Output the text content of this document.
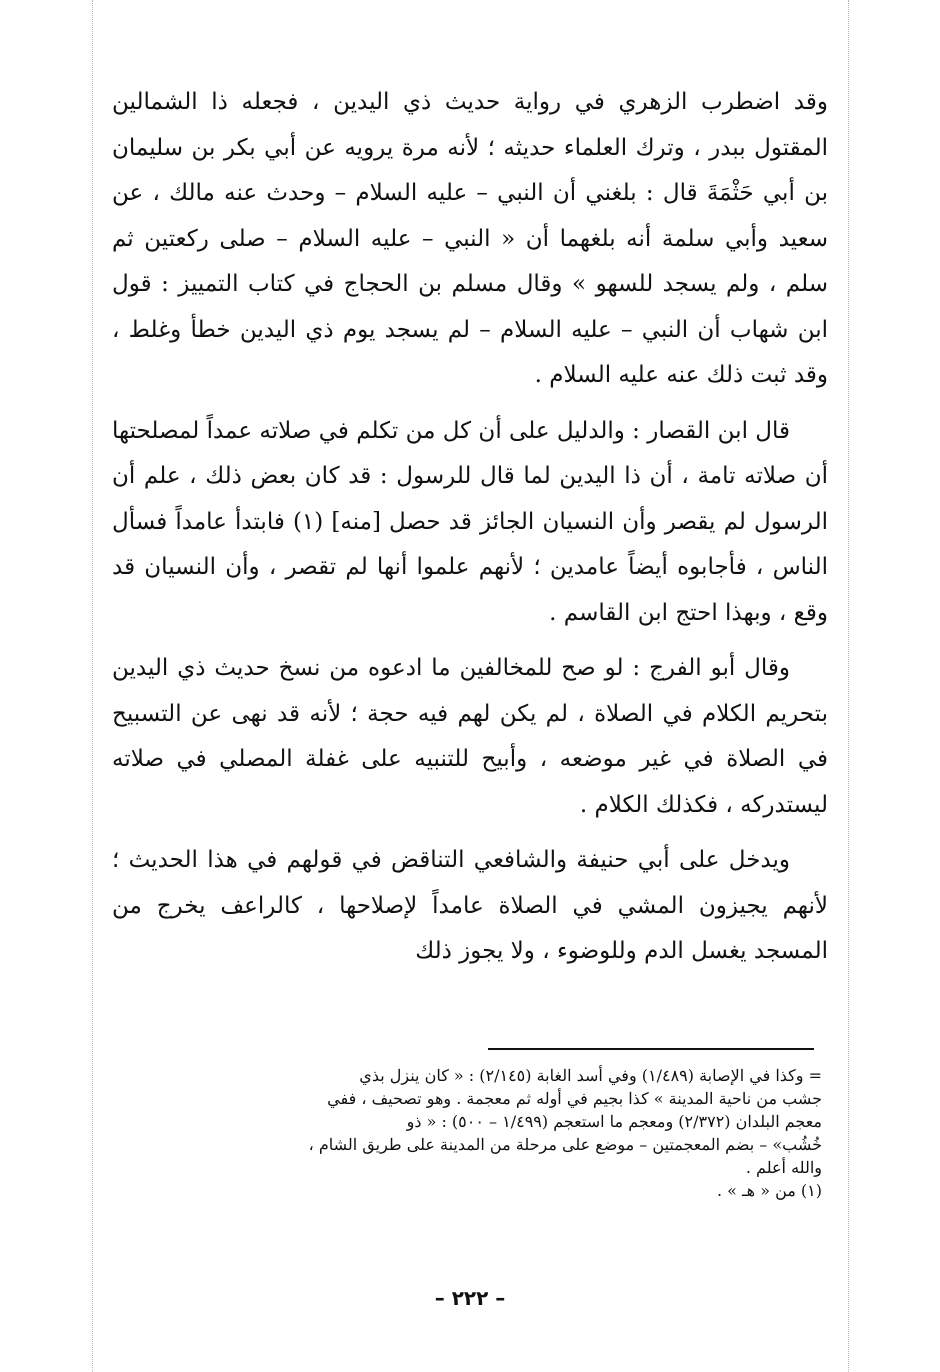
وقد اضطرب الزهري في رواية حديث ذي اليدين ، فجعله ذا الشمالين المقتول ببدر ، وترك العلماء حديثه ؛ لأنه مرة يرويه عن أبي بكر بن سليمان بن أبي حَثْمَةَ قال : بلغني أن النبي – عليه السلام – وحدث عنه مالك ، عن سعيد وأبي سلمة أنه بلغهما أن « النبي – عليه السلام – صلى ركعتين ثم سلم ، ولم يسجد للسهو » وقال مسلم بن الحجاج في كتاب التمييز : قول ابن شهاب أن النبي – عليه السلام – لم يسجد يوم ذي اليدين خطأ وغلط ، وقد ثبت ذلك عنه عليه السلام .

قال ابن القصار : والدليل على أن كل من تكلم في صلاته عمداً لمصلحتها أن صلاته تامة ، أن ذا اليدين لما قال للرسول : قد كان بعض ذلك ، علم أن الرسول لم يقصر وأن النسيان الجائز قد حصل [منه] (١) فابتدأ عامداً فسأل الناس ، فأجابوه أيضاً عامدين ؛ لأنهم علموا أنها لم تقصر ، وأن النسيان قد وقع ، وبهذا احتج ابن القاسم .

وقال أبو الفرج : لو صح للمخالفين ما ادعوه من نسخ حديث ذي اليدين بتحريم الكلام في الصلاة ، لم يكن لهم فيه حجة ؛ لأنه قد نهى عن التسبيح في الصلاة في غير موضعه ، وأبيح للتنبيه على غفلة المصلي في صلاته ليستدركه ، فكذلك الكلام .

ويدخل على أبي حنيفة والشافعي التناقض في قولهم في هذا الحديث ؛ لأنهم يجيزون المشي في الصلاة عامداً لإصلاحها ، كالراعف يخرج من المسجد يغسل الدم وللوضوء ، ولا يجوز ذلك

= وكذا في الإصابة (١/٤٨٩) وفي أسد الغابة (٢/١٤٥) : « كان ينزل بذي

جشب من ناحية المدينة » كذا بجيم في أوله ثم معجمة . وهو تصحيف ، ففي

معجم البلدان (٢/٣٧٢) ومعجم ما استعجم (١/٤٩٩ – ٥٠٠) : « ذو

خُشُب» – بضم المعجمتين – موضع على مرحلة من المدينة على طريق الشام ،

والله أعلم .

(١) من « هـ » .

– ٢٢٢ –
